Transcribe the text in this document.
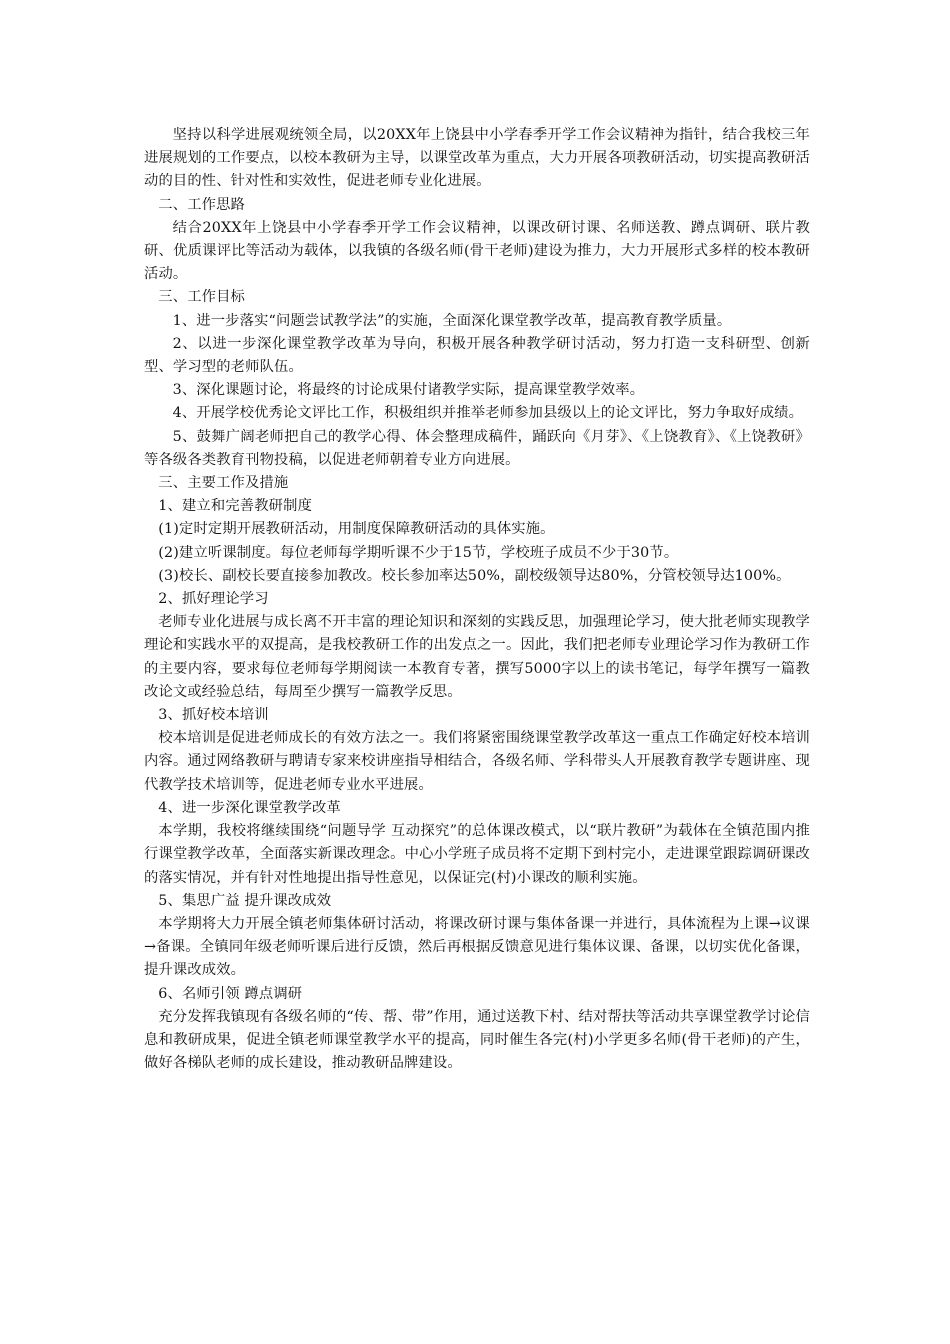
坚持以科学进展观统领全局，以20XX年上饶县中小学春季开学工作会议精神为指针，结合我校三年进展规划的工作要点，以校本教研为主导，以课堂改革为重点，大力开展各项教研活动，切实提高教研活动的目的性、针对性和实效性，促进老师专业化进展。

二、工作思路

结合20XX年上饶县中小学春季开学工作会议精神，以课改研讨课、名师送教、蹲点调研、联片教研、优质课评比等活动为载体，以我镇的各级名师(骨干老师)建设为推力，大力开展形式多样的校本教研活动。

三、工作目标

1、进一步落实“问题尝试教学法”的实施，全面深化课堂教学改革，提高教育教学质量。

2、以进一步深化课堂教学改革为导向，积极开展各种教学研讨活动，努力打造一支科研型、创新型、学习型的老师队伍。

3、深化课题讨论，将最终的讨论成果付诸教学实际，提高课堂教学效率。

4、开展学校优秀论文评比工作，积极组织并推举老师参加县级以上的论文评比，努力争取好成绩。

5、鼓舞广阔老师把自己的教学心得、体会整理成稿件，踊跃向《月芽》、《上饶教育》、《上饶教研》等各级各类教育刊物投稿，以促进老师朝着专业方向进展。

三、主要工作及措施

1、建立和完善教研制度

(1)定时定期开展教研活动，用制度保障教研活动的具体实施。

(2)建立听课制度。每位老师每学期听课不少于15节，学校班子成员不少于30节。

(3)校长、副校长要直接参加教改。校长参加率达50%，副校级领导达80%，分管校领导达100%。

2、抓好理论学习

老师专业化进展与成长离不开丰富的理论知识和深刻的实践反思，加强理论学习，使大批老师实现教学理论和实践水平的双提高，是我校教研工作的出发点之一。因此，我们把老师专业理论学习作为教研工作的主要内容，要求每位老师每学期阅读一本教育专著，撰写5000字以上的读书笔记，每学年撰写一篇教改论文或经验总结，每周至少撰写一篇教学反思。

3、抓好校本培训

校本培训是促进老师成长的有效方法之一。我们将紧密围绕课堂教学改革这一重点工作确定好校本培训内容。通过网络教研与聘请专家来校讲座指导相结合，各级名师、学科带头人开展教育教学专题讲座、现代教学技术培训等，促进老师专业水平进展。

4、进一步深化课堂教学改革

本学期，我校将继续围绕“问题导学 互动探究”的总体课改模式，以“联片教研”为载体在全镇范围内推行课堂教学改革，全面落实新课改理念。中心小学班子成员将不定期下到村完小，走进课堂跟踪调研课改的落实情况，并有针对性地提出指导性意见，以保证完(村)小课改的顺利实施。

5、集思广益 提升课改成效

本学期将大力开展全镇老师集体研讨活动，将课改研讨课与集体备课一并进行，具体流程为上课→议课→备课。全镇同年级老师听课后进行反馈，然后再根据反馈意见进行集体议课、备课，以切实优化备课，提升课改成效。

6、名师引领 蹲点调研

充分发挥我镇现有各级名师的“传、帮、带”作用，通过送教下村、结对帮扶等活动共享课堂教学讨论信息和教研成果，促进全镇老师课堂教学水平的提高，同时催生各完(村)小学更多名师(骨干老师)的产生，做好各梯队老师的成长建设，推动教研品牌建设。
